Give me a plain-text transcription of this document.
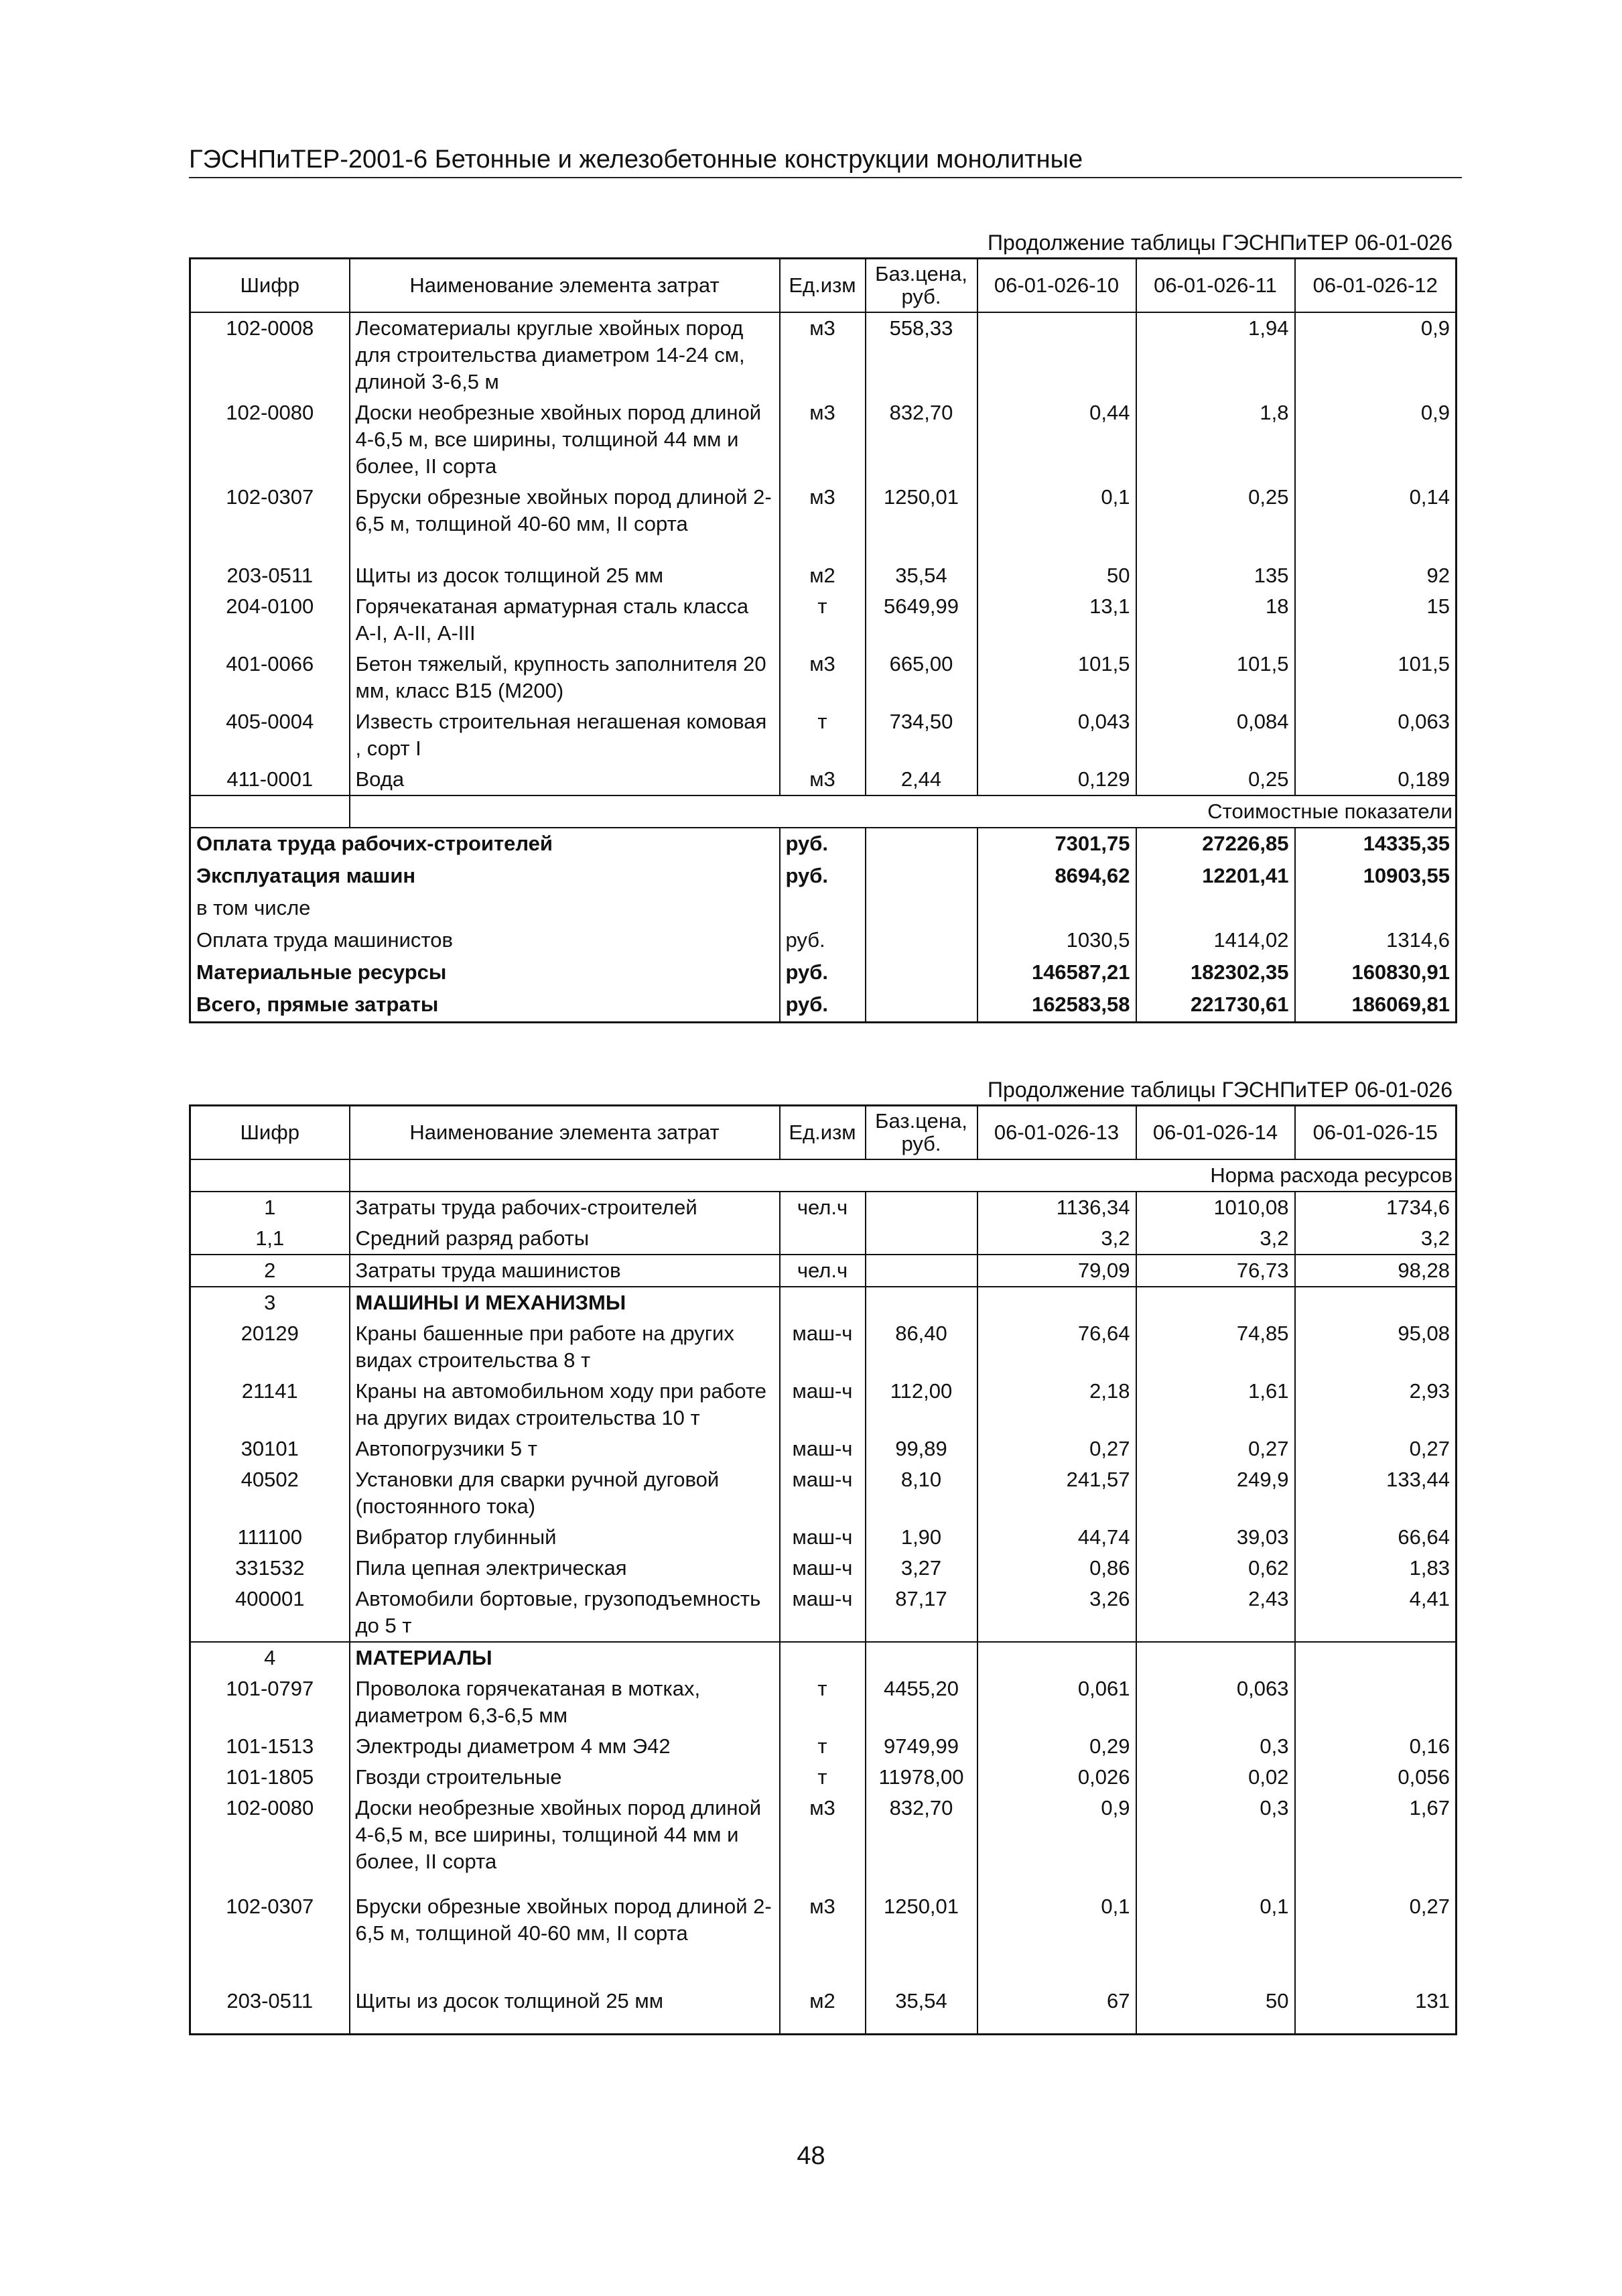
ГЭСНПиТЕР-2001-6 Бетонные и железобетонные конструкции монолитные
Продолжение таблицы ГЭСНПиТЕР 06-01-026
Шифр	Наименование элемента затрат	Ед.изм	Баз.цена, руб.	06-01-026-10	06-01-026-11	06-01-026-12
102-0008	Лесоматериалы круглые хвойных пород для строительства диаметром 14-24 см, длиной 3-6,5 м	м3	558,33		1,94	0,9
102-0080	Доски необрезные хвойных пород длиной 4-6,5 м, все ширины, толщиной 44 мм и более, II сорта	м3	832,70	0,44	1,8	0,9
102-0307	Бруски обрезные хвойных пород длиной 2-6,5 м, толщиной 40-60 мм, II сорта	м3	1250,01	0,1	0,25	0,14
203-0511	Щиты из досок толщиной 25 мм	м2	35,54	50	135	92
204-0100	Горячекатаная арматурная сталь класса А-I, А-II, А-III	т	5649,99	13,1	18	15
401-0066	Бетон тяжелый, крупность заполнителя 20 мм, класс В15 (М200)	м3	665,00	101,5	101,5	101,5
405-0004	Известь строительная негашеная комовая , сорт I	т	734,50	0,043	0,084	0,063
411-0001	Вода	м3	2,44	0,129	0,25	0,189
	Стоимостные показатели					
Оплата труда рабочих-строителей		руб.		7301,75	27226,85	14335,35
Эксплуатация машин		руб.		8694,62	12201,41	10903,55
в том числе						
Оплата труда машинистов		руб.		1030,5	1414,02	1314,6
Материальные ресурсы		руб.		146587,21	182302,35	160830,91
Всего, прямые затраты		руб.		162583,58	221730,61	186069,81
Продолжение таблицы ГЭСНПиТЕР 06-01-026
Шифр	Наименование элемента затрат	Ед.изм	Баз.цена, руб.	06-01-026-13	06-01-026-14	06-01-026-15
	Норма расхода ресурсов					
1	Затраты труда рабочих-строителей	чел.ч		1136,34	1010,08	1734,6
1,1	Средний разряд работы			3,2	3,2	3,2
2	Затраты труда машинистов	чел.ч		79,09	76,73	98,28
3	МАШИНЫ И МЕХАНИЗМЫ					
20129	Краны башенные при работе на других видах строительства 8 т	маш-ч	86,40	76,64	74,85	95,08
21141	Краны на автомобильном ходу при работе на других видах строительства 10 т	маш-ч	112,00	2,18	1,61	2,93
30101	Автопогрузчики 5 т	маш-ч	99,89	0,27	0,27	0,27
40502	Установки для сварки ручной дуговой (постоянного тока)	маш-ч	8,10	241,57	249,9	133,44
111100	Вибратор глубинный	маш-ч	1,90	44,74	39,03	66,64
331532	Пила цепная электрическая	маш-ч	3,27	0,86	0,62	1,83
400001	Автомобили бортовые, грузоподъемность до 5 т	маш-ч	87,17	3,26	2,43	4,41
4	МАТЕРИАЛЫ					
101-0797	Проволока горячекатаная в мотках, диаметром 6,3-6,5 мм	т	4455,20	0,061	0,063	
101-1513	Электроды диаметром 4 мм Э42	т	9749,99	0,29	0,3	0,16
101-1805	Гвозди строительные	т	11978,00	0,026	0,02	0,056
102-0080	Доски необрезные хвойных пород длиной 4-6,5 м, все ширины, толщиной 44 мм и более, II сорта	м3	832,70	0,9	0,3	1,67
102-0307	Бруски обрезные хвойных пород длиной 2-6,5 м, толщиной 40-60 мм, II сорта	м3	1250,01	0,1	0,1	0,27
203-0511	Щиты из досок толщиной 25 мм	м2	35,54	67	50	131
48
